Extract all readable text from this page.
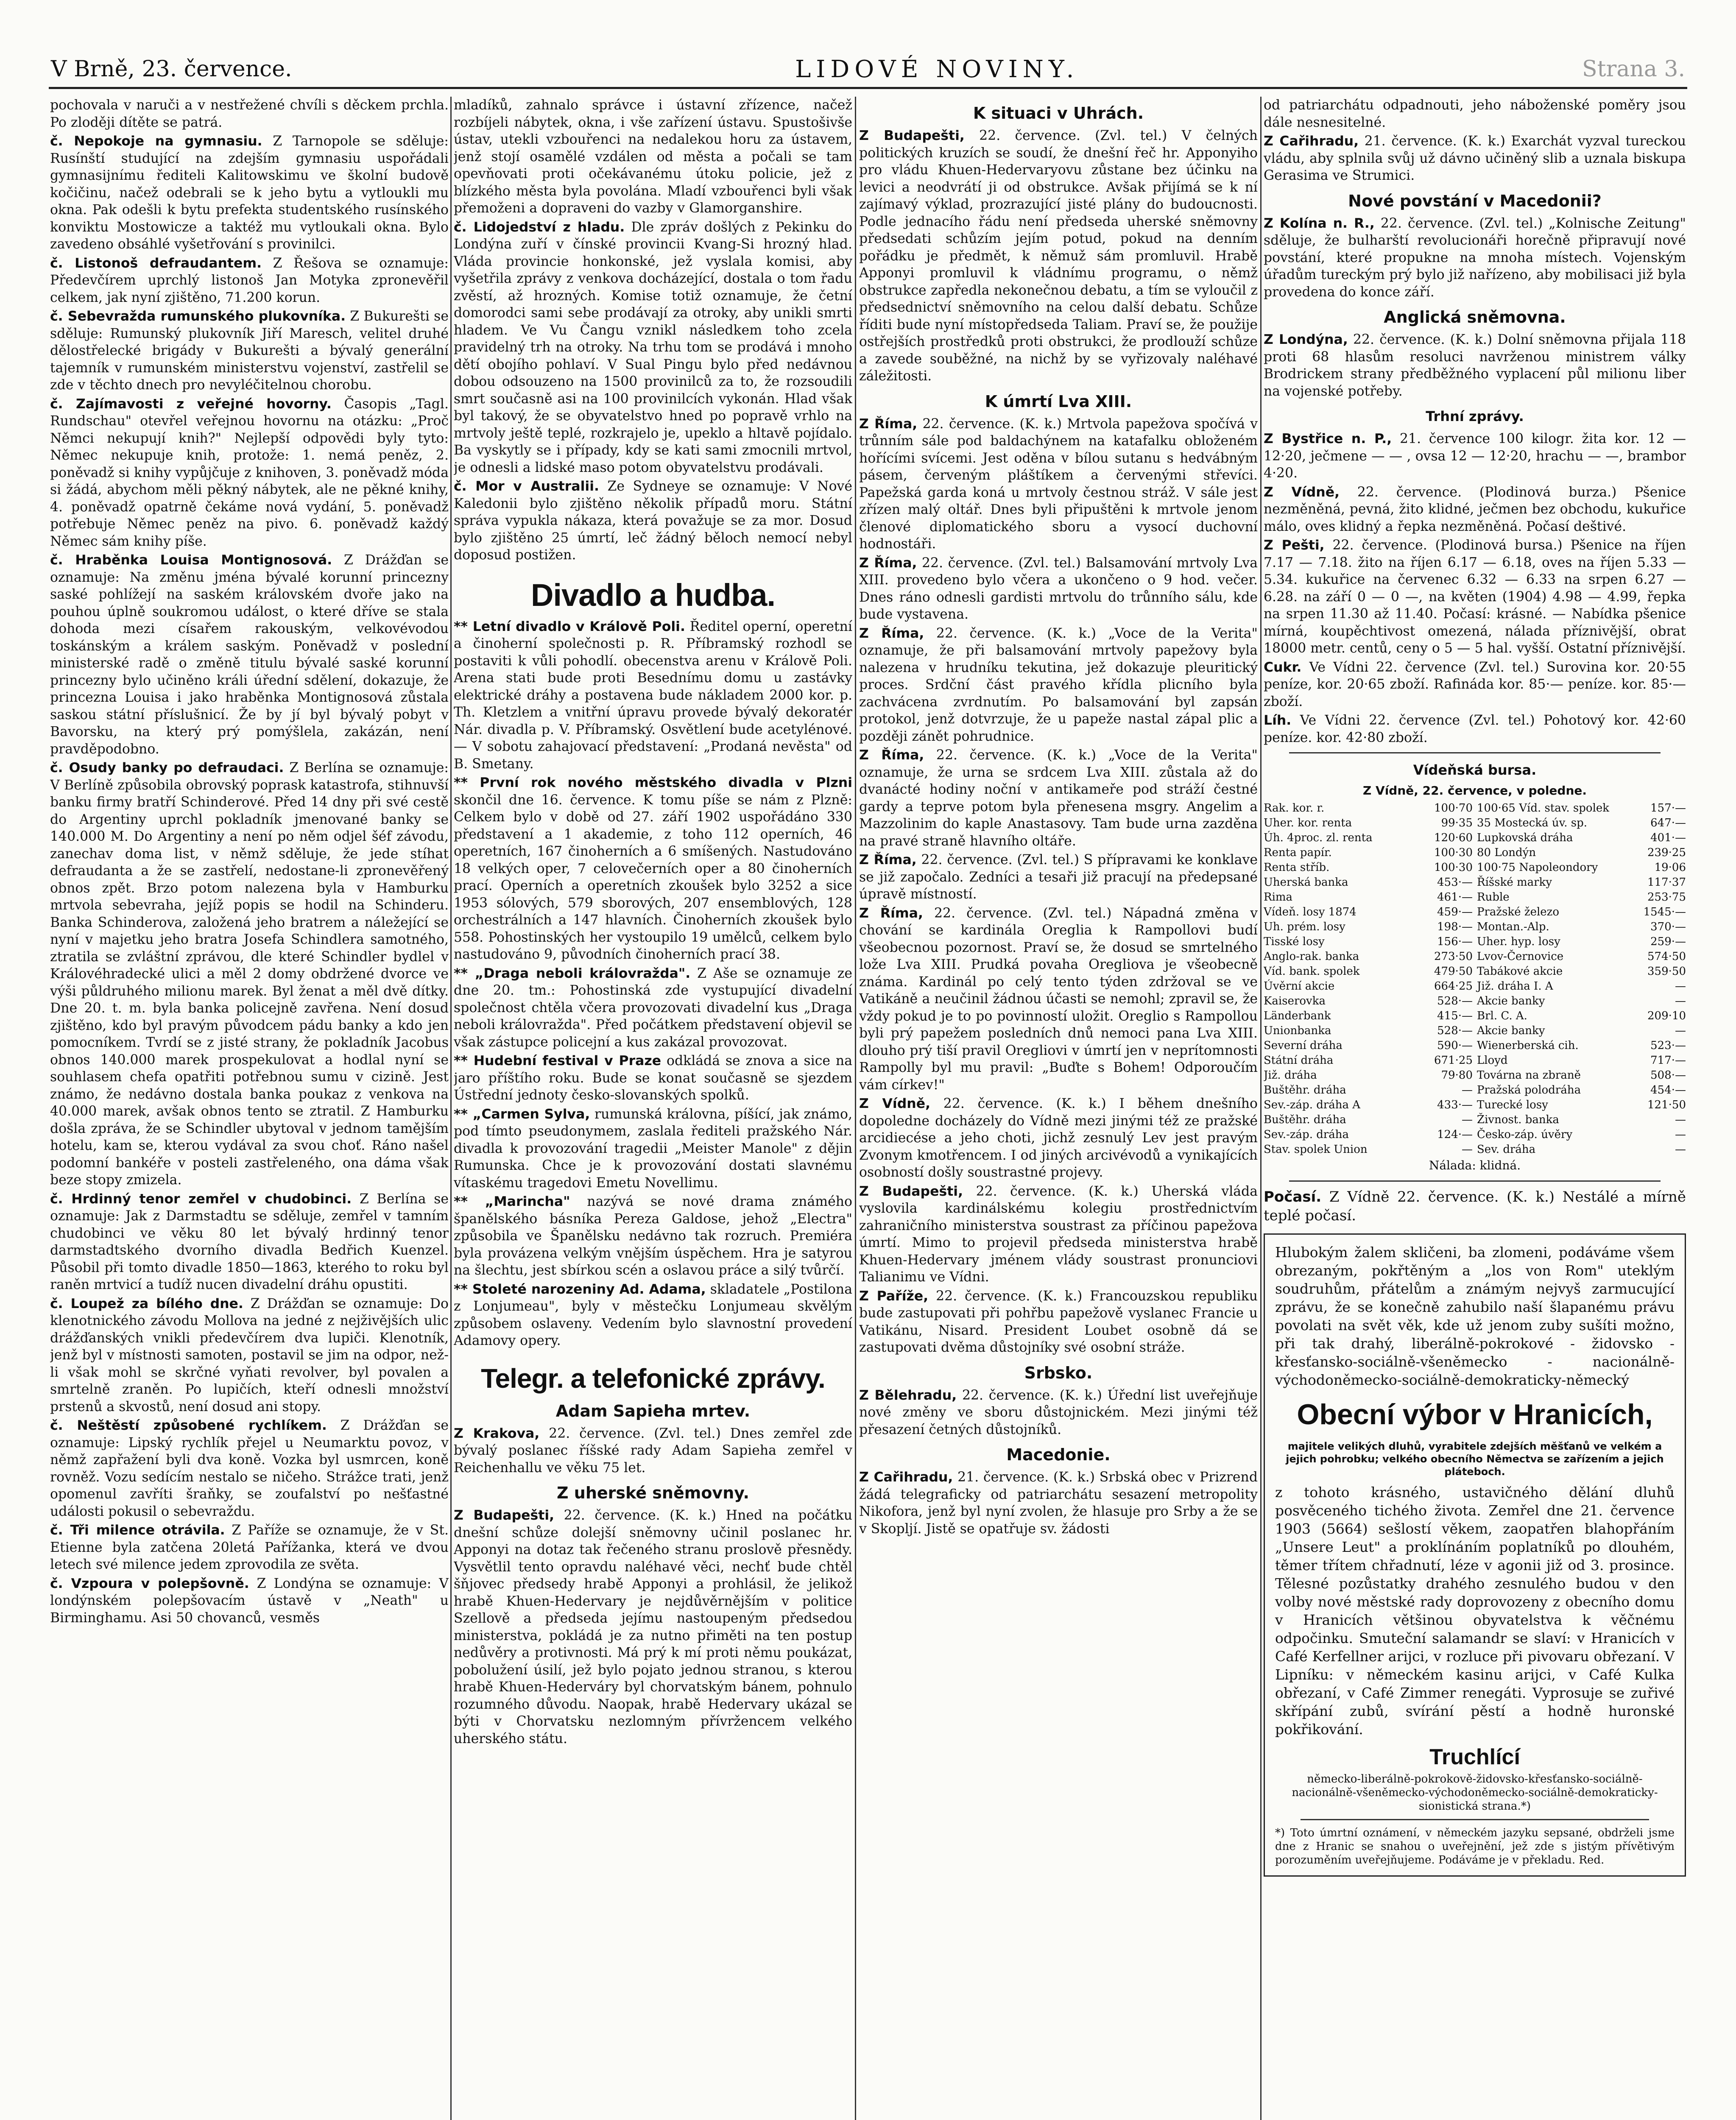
V Brně, 23. července.	LIDOVÉ NOVINY.	Strana 3.

pochovala v naruči a v nestřežené chvíli s děckem prchla. Po zloději dítěte se patrá.

č. Nepokoje na gymnasiu. Z Tarnopole se sděluje: Rusínští studující na zdejším gymnasiu uspořádali gymnasijnímu řediteli Kalitowskimu ve školní budově kočičinu, načež odebrali se k jeho bytu a vytloukli mu okna. Pak odešli k bytu prefekta studentského rusínského konviktu Mostowicze a taktéž mu vytloukali okna. Bylo zavedeno obsáhlé vyšetřování s provinilci.

č. Listonoš defraudantem. Z Řešova se oznamuje: Předevčírem uprchlý listonoš Jan Motyka zpronevěřil celkem, jak nyní zjištěno, 71.200 korun.

č. Sebevražda rumunského plukovníka. Z Bukurešti se sděluje: Rumunský plukovník Jiří Maresch, velitel druhé dělostřelecké brigády v Bukurešti a bývalý generální tajemník v rumunském ministerstvu vojenství, zastřelil se zde v těchto dnech pro nevyléčitelnou chorobu.

č. Zajímavosti z veřejné hovorny. Časopis „Tagl. Rundschau" otevřel veřejnou hovornu na otázku: „Proč Němci nekupují knih?" Nejlepší odpovědi byly tyto: Němec nekupuje knih, protože: 1. nemá peněz, 2. poněvadž si knihy vypůjčuje z knihoven, 3. poněvadž móda si žádá, abychom měli pěkný nábytek, ale ne pěkné knihy, 4. poněvadž opatrně čekáme nová vydání, 5. poněvadž potřebuje Němec peněz na pivo. 6. poněvadž každý Němec sám knihy píše.

č. Hraběnka Louisa Montignosová. Z Drážďan se oznamuje: Na změnu jména bývalé korunní princezny saské pohlížejí na saském královském dvoře jako na pouhou úplně soukromou událost, o které dříve se stala dohoda mezi císařem rakouským, velkovévodou toskánským a králem saským. Poněvadž v poslední ministerské radě o změně titulu bývalé saské korunní princezny bylo učiněno králi úřední sdělení, dokazuje, že princezna Louisa i jako hraběnka Montignosová zůstala saskou státní příslušnicí. Že by jí byl bývalý pobyt v Bavorsku, na který prý pomýšlela, zakázán, není pravděpodobno.

č. Osudy banky po defraudaci. Z Berlína se oznamuje: V Berlíně způsobila obrovský poprask katastrofa, stihnuvší banku firmy bratří Schinderové. Před 14 dny při své cestě do Argentiny uprchl pokladník jmenované banky se 140.000 M. Do Argentiny a není po něm odjel šéf závodu, zanechav doma list, v němž sděluje, že jede stíhat defraudanta a že se zastřelí, nedostane-li zpronevěřený obnos zpět. Brzo potom nalezena byla v Hamburku mrtvola sebevraha, jejíž popis se hodil na Schinderu. Banka Schinderova, založená jeho bratrem a náležející se nyní v majetku jeho bratra Josefa Schindlera samotného, ztratila se zvláštní zprávou, dle které Schindler bydlel v Královéhradecké ulici a měl 2 domy obdržené dvorce ve výši půldruhého milionu marek. Byl ženat a měl dvě dítky. Dne 20. t. m. byla banka policejně zavřena. Není dosud zjištěno, kdo byl pravým původcem pádu banky a kdo jen pomocníkem. Tvrdí se z jisté strany, že pokladník Jacobus obnos 140.000 marek prospekulovat a hodlal nyní se souhlasem chefa opatřiti potřebnou sumu v cizině. Jest známo, že nedávno dostala banka poukaz z venkova na 40.000 marek, avšak obnos tento se ztratil. Z Hamburku došla zpráva, že se Schindler ubytoval v jednom tamějším hotelu, kam se, kterou vydával za svou choť. Ráno našel podomní bankéře v posteli zastřeleného, ona dáma však beze stopy zmizela.

č. Hrdinný tenor zemřel v chudobinci. Z Berlína se oznamuje: Jak z Darmstadtu se sděluje, zemřel v tamním chudobinci ve věku 80 let bývalý hrdinný tenor darmstadtského dvorního divadla Bedřich Kuenzel. Působil při tomto divadle 1850—1863, kterého to roku byl raněn mrtvicí a tudíž nucen divadelní dráhu opustiti.

č. Loupež za bílého dne. Z Drážďan se oznamuje: Do klenotnického závodu Mollova na jedné z nejživějších ulic drážďanských vnikli předevčírem dva lupiči. Klenotník, jenž byl v místnosti samoten, postavil se jim na odpor, než-li však mohl se skrčné vyňati revolver, byl povalen a smrtelně zraněn. Po lupičích, kteří odnesli množství prstenů a skvostů, není dosud ani stopy.

č. Neštěstí způsobené rychlíkem. Z Drážďan se oznamuje: Lipský rychlík přejel u Neumarktu povoz, v němž zapřažení byli dva koně. Vozka byl usmrcen, koně rovněž. Vozu sedícím nestalo se ničeho. Strážce trati, jenž opomenul zavříti šraňky, se zoufalství po nešťastné události pokusil o sebevraždu.

č. Tři milence otrávila. Z Paříže se oznamuje, že v St. Etienne byla zatčena 20letá Pařížanka, která ve dvou letech své milence jedem zprovodila ze světa.

č. Vzpoura v polepšovně. Z Londýna se oznamuje: V londýnském polepšovacím ústavě v „Neath" u Birminghamu. Asi 50 chovanců, vesměs

mladíků, zahnalo správce i ústavní zřízence, načež rozbíjeli nábytek, okna, i vše zařízení ústavu. Spustošivše ústav, utekli vzbouřenci na nedalekou horu za ústavem, jenž stojí osamělé vzdálen od města a počali se tam opevňovati proti očekávanému útoku policie, jež z blízkého města byla povolána. Mladí vzbouřenci byli však přemoženi a dopraveni do vazby v Glamorganshire.

č. Lidojedství z hladu. Dle zpráv došlých z Pekinku do Londýna zuří v čínské provincii Kvang-Si hrozný hlad. Vláda provincie honkonské, jež vyslala komisi, aby vyšetřila zprávy z venkova docházející, dostala o tom řadu zvěstí, až hrozných. Komise totiž oznamuje, že četní domorodci sami sebe prodávají za otroky, aby unikli smrti hladem. Ve Vu Čangu vznikl následkem toho zcela pravidelný trh na otroky. Na trhu tom se prodává i mnoho dětí obojího pohlaví. V Sual Pingu bylo před nedávnou dobou odsouzeno na 1500 provinilců za to, že rozsoudili smrt současně asi na 100 provinilcích vykonán. Hlad však byl takový, že se obyvatelstvo hned po popravě vrhlo na mrtvoly ještě teplé, rozkrajelo je, upeklo a hltavě pojídalo. Ba vyskytly se i případy, kdy se kati sami zmocnili mrtvol, je odnesli a lidské maso potom obyvatelstvu prodávali.

č. Mor v Australii. Ze Sydneye se oznamuje: V Nové Kaledonii bylo zjištěno několik případů moru. Státní správa vypukla nákaza, která považuje se za mor. Dosud bylo zjištěno 25 úmrtí, leč žádný běloch nemocí nebyl doposud postižen.

Divadlo a hudba.

** Letní divadlo v Králově Poli. Ředitel operní, operetní a činoherní společnosti p. R. Příbramský rozhodl se postaviti k vůli pohodlí. obecenstva arenu v Králově Poli. Arena stati bude proti Besednímu domu u zastávky elektrické dráhy a postavena bude nákladem 2000 kor. p. Th. Kletzlem a vnitřní úpravu provede bývalý dekoratér Nár. divadla p. V. Příbramský. Osvětlení bude acetylénové. — V sobotu zahajovací představení: „Prodaná nevěsta" od B. Smetany.

** První rok nového městského divadla v Plzni skončil dne 16. července. K tomu píše se nám z Plzně: Celkem bylo v době od 27. září 1902 uspořádáno 330 představení a 1 akademie, z toho 112 operních, 46 operetních, 167 činoherních a 6 smíšených. Nastudováno 18 velkých oper, 7 celovečerních oper a 80 činoherních prací. Operních a operetních zkoušek bylo 3252 a sice 1953 sólových, 579 sborových, 207 ensemblových, 128 orchestrálních a 147 hlavních. Činoherních zkoušek bylo 558. Pohostinských her vystoupilo 19 umělců, celkem bylo nastudováno 9, původních činoherních prací 38.

** „Draga neboli královražda". Z Aše se oznamuje ze dne 20. tm.: Pohostinská zde vystupující divadelní společnost chtěla včera provozovati divadelní kus „Draga neboli královražda". Před počátkem představení objevil se však zástupce policejní a kus zakázal provozovat.

** Hudební festival v Praze odkládá se znova a sice na jaro příštího roku. Bude se konat současně se sjezdem Ústřední jednoty česko-slovanských spolků.

** „Carmen Sylva, rumunská královna, píšící, jak známo, pod tímto pseudonymem, zaslala řediteli pražského Nár. divadla k provozování tragedii „Meister Manole" z dějin Rumunska. Chce je k provozování dostati slavnému vítaskému tragedovi Emetu Novellimu.

** „Marincha" nazývá se nové drama známého španělského básníka Pereza Galdose, jehož „Electra" způsobila ve Španělsku nedávno tak rozruch. Premiéra byla provázena velkým vnějším úspěchem. Hra je satyrou na šlechtu, jest sbírkou scén a oslavou práce a silý tvůrčí.

** Stoleté narozeniny Ad. Adama, skladatele „Postilona z Lonjumeau", byly v městečku Lonjumeau skvělým způsobem oslaveny. Vedením bylo slavnostní provedení Adamovy opery.

Telegr. a telefonické zprávy.
Adam Sapieha mrtev.

Z Krakova, 22. července. (Zvl. tel.) Dnes zemřel zde bývalý poslanec říšské rady Adam Sapieha zemřel v Reichenhallu ve věku 75 let.

Z uherské sněmovny.

Z Budapešti, 22. července. (K. k.) Hned na počátku dnešní schůze dolejší sněmovny učinil poslanec hr. Apponyi na dotaz tak řečeného stranu proslově přesnědy. Vysvětlil tento opravdu naléhavé věci, nechť bude chtěl šňjovec předsedy hrabě Apponyi a prohlásil, že jelikož hrabě Khuen-Hedervary je nejdůvěrnějším v politice Szellově a předseda jejímu nastoupeným předsedou ministerstva, pokládá je za nutno přiměti na ten postup nedůvěry a protivnosti. Má prý k mí proti němu poukázat, pobolužení úsilí, jež bylo pojato jednou stranou, s kterou hrabě Khuen-Hederváry byl chorvatským bánem, pohnulo rozumného důvodu. Naopak, hrabě Hedervary ukázal se býti v Chorvatsku nezlomným přívržencem velkého uherského státu.

K situaci v Uhrách.

Z Budapešti, 22. července. (Zvl. tel.) V čelných politických kruzích se soudí, že dnešní řeč hr. Apponyiho pro vládu Khuen-Hedervaryovu zůstane bez účinku na levici a neodvrátí ji od obstrukce. Avšak přijímá se k ní zajímavý výklad, prozrazující jisté plány do budoucnosti. Podle jednacího řádu není předseda uherské sněmovny předsedati schůzím jejím potud, pokud na denním pořádku je předmět, k němuž sám promluvil. Hrabě Apponyi promluvil k vládnímu programu, o němž obstrukce zapředla nekonečnou debatu, a tím se vyloučil z předsednictví sněmovního na celou další debatu. Schůze říditi bude nyní místopředseda Taliam. Praví se, že použije ostřejších prostředků proti obstrukci, že prodlouží schůze a zavede souběžné, na nichž by se vyřizovaly naléhavé záležitosti.

K úmrtí Lva XIII.

Z Říma, 22. července. (K. k.) Mrtvola papežova spočívá v trůnním sále pod baldachýnem na katafalku obloženém hořícími svícemi. Jest oděna v bílou sutanu s hedvábným pásem, červeným pláštíkem a červenými střevíci. Papežská garda koná u mrtvoly čestnou stráž. V sále jest zřízen malý oltář. Dnes byli připuštěni k mrtvole jenom členové diplomatického sboru a vysocí duchovní hodnostáři.

Z Říma, 22. července. (Zvl. tel.) Balsamování mrtvoly Lva XIII. provedeno bylo včera a ukončeno o 9 hod. večer. Dnes ráno odnesli gardisti mrtvolu do trůnního sálu, kde bude vystavena.

Z Říma, 22. července. (K. k.) „Voce de la Verita" oznamuje, že při balsamování mrtvoly papežovy byla nalezena v hrudníku tekutina, jež dokazuje pleuritický proces. Srdční část pravého křídla plicního byla zachvácena zvrdnutím. Po balsamování byl zapsán protokol, jenž dotvrzuje, že u papeže nastal zápal plic a později zánět pohrudnice.

Z Říma, 22. července. (K. k.) „Voce de la Verita" oznamuje, že urna se srdcem Lva XIII. zůstala až do dvanácté hodiny noční v antikameře pod stráží čestné gardy a teprve potom byla přenesena msgry. Angelim a Mazzolinim do kaple Anastasovy. Tam bude urna zazděna na pravé straně hlavního oltáře.

Z Říma, 22. července. (Zvl. tel.) S přípravami ke konklave se již započalo. Zedníci a tesaři již pracují na předepsané úpravě místností.

Z Říma, 22. července. (Zvl. tel.) Nápadná změna v chování se kardinála Oreglia k Rampollovi budí všeobecnou pozornost. Praví se, že dosud se smrtelného lože Lva XIII. Prudká povaha Oregliova je všeobecně známa. Kardinál po celý tento týden zdržoval se ve Vatikáně a neučinil žádnou účasti se nemohl; zpravil se, že vždy pokud je to po povinností uložit. Oreglio s Rampollou byli prý papežem posledních dnů nemoci pana Lva XIII. dlouho prý tiší pravil Oregliovi v úmrtí jen v neprítomnosti Rampolly byl mu pravil: „Buďte s Bohem! Odporoučím vám církev!"

Z Vídně, 22. července. (K. k.) I během dnešního dopoledne docházely do Vídně mezi jinými též ze pražské arcidiecése a jeho choti, jichž zesnulý Lev jest pravým Zvonym kmotřencem. I od jiných arcivévodů a vynikajících osobností došly soustrastné projevy.

Z Budapešti, 22. července. (K. k.) Uherská vláda vyslovila kardinálskému kolegiu prostřednictvím zahraničního ministerstva soustrast za příčinou papežova úmrtí. Mimo to projevil předseda ministerstva hrabě Khuen-Hedervary jménem vlády soustrast pronunciovi Talianimu ve Vídni.

Z Paříže, 22. července. (K. k.) Francouzskou republiku bude zastupovati při pohřbu papežově vyslanec Francie u Vatikánu, Nisard. President Loubet osobně dá se zastupovati dvěma důstojníky své osobní stráže.

Srbsko.

Z Bělehradu, 22. července. (K. k.) Úřední list uveřejňuje nové změny ve sboru důstojnickém. Mezi jinými též přesazení četných důstojníků.

Macedonie.

Z Cařihradu, 21. července. (K. k.) Srbská obec v Prizrend žádá telegraficky od patriarchátu sesazení metropolity Nikofora, jenž byl nyní zvolen, že hlasuje pro Srby a že se v Skopljí. Jistě se opatřuje sv. žádosti

od patriarchátu odpadnouti, jeho náboženské poměry jsou dále nesnesitelné.

Z Cařihradu, 21. července. (K. k.) Exarchát vyzval tureckou vládu, aby splnila svůj už dávno učiněný slib a uznala biskupa Gerasima ve Strumici.

Nové povstání v Macedonii?

Z Kolína n. R., 22. července. (Zvl. tel.) „Kolnische Zeitung" sděluje, že bulharští revolucionáři horečně připravují nové povstání, které propukne na mnoha místech. Vojenským úřadům tureckým prý bylo již nařízeno, aby mobilisaci již byla provedena do konce září.

Anglická sněmovna.

Z Londýna, 22. července. (K. k.) Dolní sněmovna přijala 118 proti 68 hlasům resoluci navrženou ministrem války Brodrickem strany předběžného vyplacení půl milionu liber na vojenské potřeby.

Trhní zprávy.

Z Bystřice n. P., 21. července 100 kilogr. žita kor. 12 — 12·20, ječmene — — , ovsa 12 — 12·20, hrachu — —, brambor 4·20.

Z Vídně, 22. července. (Plodinová burza.) Pšenice nezměněná, pevná, žito klidné, ječmen bez obchodu, kukuřice málo, oves klidný a řepka nezměněná. Počasí deštivé.

Z Pešti, 22. července. (Plodinová bursa.) Pšenice na říjen 7.17 — 7.18. žito na říjen 6.17 — 6.18, oves na říjen 5.33 — 5.34. kukuřice na červenec 6.32 — 6.33 na srpen 6.27 — 6.28. na září 0 — 0 —, na květen (1904) 4.98 — 4.99, řepka na srpen 11.30 až 11.40. Počasí: krásné. — Nabídka pšenice mírná, koupěchtivost omezená, nálada příznivější, obrat 18000 metr. centů, ceny o 5 — 5 hal. vyšší. Ostatní příznivější.

Cukr. Ve Vídni 22. července (Zvl. tel.) Surovina kor. 20·55 peníze, kor. 20·65 zboží. Rafináda kor. 85·— peníze. kor. 85·— zboží.

Líh. Ve Vídni 22. července (Zvl. tel.) Pohotový kor. 42·60 peníze. kor. 42·80 zboží.

Vídeňská bursa.
Z Vídně, 22. července, v poledne.
Rak. kor. r.	100·70 100·65 Víd. stav. spolek	157·—
Uher. kor. renta	99·35 35 Mostecká úv. sp.	647·—
Úh. 4proc. zl. renta	120·60 Lupkovská dráha	401·—
Renta papír.	100·30 80 Londýn	239·25
Renta stříb.	100·30 100·75 Napoleondory	19·06
Uherská banka	453·— Říšské marky	117·37
Rima	461·— Ruble	253·75
Vídeň. losy 1874	459·— Pražské železo	1545·—
Uh. prém. losy	198·— Montan.-Alp.	370·—
Tisské losy	156·— Uher. hyp. losy	259·—
Anglo-rak. banka	273·50 Lvov-Černovice	574·50
Víd. bank. spolek	479·50 Tabákové akcie	359·50
Úvěrní akcie	664·25 Již. dráha I. A	—
Kaiserovka	528·— Akcie banky	—
Länderbank	415·— Brl. C. A.	209·10
Unionbanka	528·— Akcie banky	—
Severní dráha	590·— Wienerberská cih.	523·—
Státní dráha	671·25 Lloyd	717·—
Již. dráha	79·80 Továrna na zbraně	508·—
Buštěhr. dráha	— Pražská polodráha	454·—
Sev.-záp. dráha A	433·— Turecké losy	121·50
Buštěhr. dráha	— Živnost. banka	—
Sev.-záp. dráha	124·— Česko-záp. úvěry	—
Stav. spolek Union	— Sev. dráha	—
Nálada: klidná.

Počasí. Z Vídně 22. července. (K. k.) Nestálé a mírně teplé počasí.

Hlubokým žalem skličeni, ba zlomeni, podáváme všem obrezaným, pokřtěným a „los von Rom" uteklým soudruhům, přátelům a známým nejvyš zarmucující zprávu, že se konečně zahubilo naší šlapanému právu povolati na svět věk, kde už jenom zuby sušíti možno, při tak drahý, liberálně-pokrokové - židovsko - křesťansko-sociálně-všeněmecko - nacionálně-východoněmecko-sociálně-demokraticky-německý

Obecní výbor v Hranicích,

majitele velikých dluhů, vyrabitele zdejších měšťanů ve velkém a jejich pohrobku; velkého obecního Němectva se zařízením a jejich pláteboch.

z tohoto krásného, ustavičného dělání dluhů posvěceného tichého života. Zemřel dne 21. července 1903 (5664) sešlostí věkem, zaopatřen blahopřáním „Unsere Leut" a proklínáním poplatníků po dlouhém, těmer třítem chřadnutí, léze v agonii již od 3. prosince. Tělesné pozůstatky drahého zesnulého budou v den volby nové městské rady doprovozeny z obecního domu v Hranicích většinou obyvatelstva k věčnému odpočinku. Smuteční salamandr se slaví: v Hranicích v Café Kerfellner arijci, v rozluce při pivovaru obřezaní. V Lipníku: v německém kasinu arijci, v Café Kulka obřezaní, v Café Zimmer renegáti. Vyprosuje se zuřivé skřípání zubů, svírání pěstí a hodně huronské pokřikování.

Truchlící

německo-liberálně-pokrokově-židovsko-křesťansko-sociálně-nacionálně-všeněmecko-východoněmecko-sociálně-demokraticky-sionistická strana.*)

*) Toto úmrtní oznámení, v německém jazyku sepsané, obdrželi jsme dne z Hranic se snahou o uveřejnění, jež zde s jistým přívětivým porozuměním uveřejňujeme. Podáváme je v překladu. Red.
